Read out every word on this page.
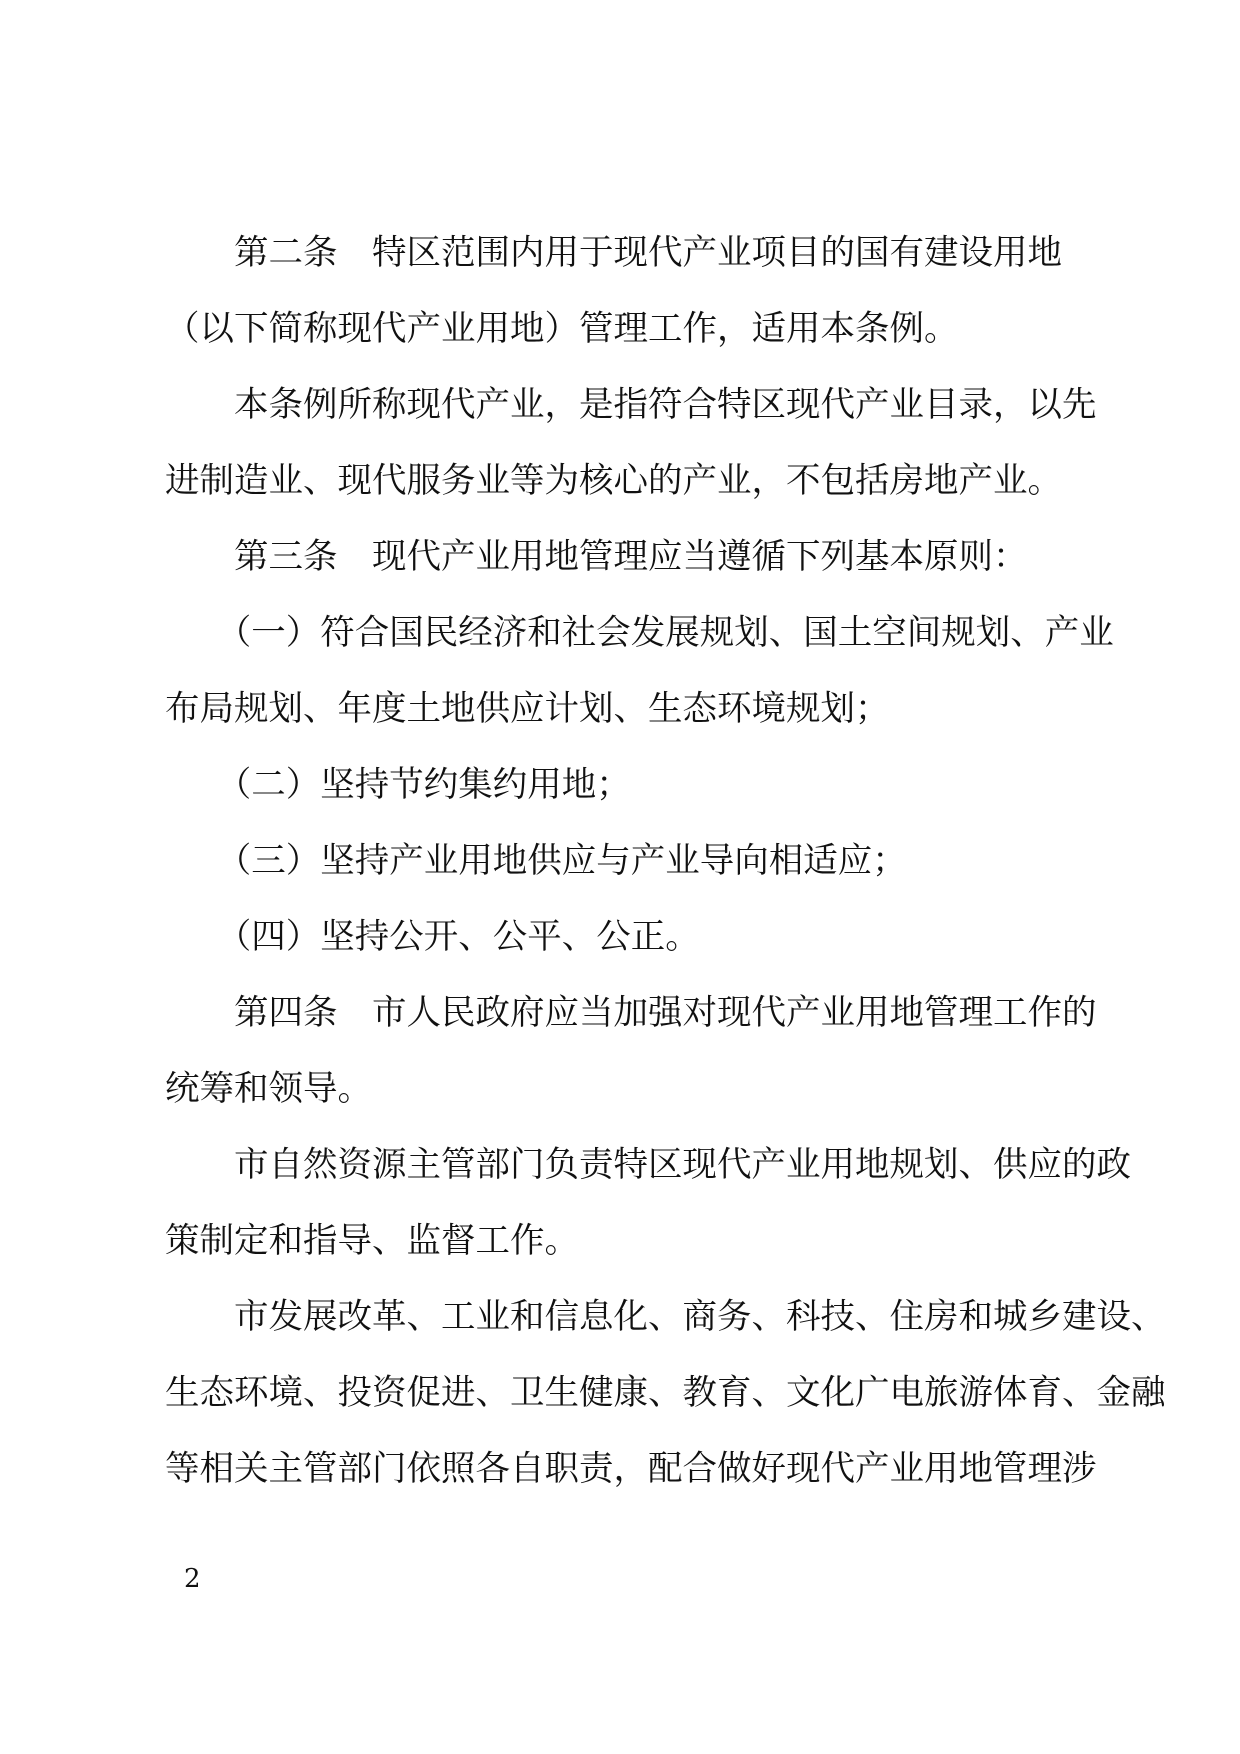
　　第二条　特区范围内用于现代产业项目的国有建设用地
（以下简称现代产业用地）管理工作，适用本条例。
　　本条例所称现代产业，是指符合特区现代产业目录，以先
进制造业、现代服务业等为核心的产业，不包括房地产业。
　　第三条　现代产业用地管理应当遵循下列基本原则：
　　（一）符合国民经济和社会发展规划、国土空间规划、产业
布局规划、年度土地供应计划、生态环境规划；
　　（二）坚持节约集约用地；
　　（三）坚持产业用地供应与产业导向相适应；
　　（四）坚持公开、公平、公正。
　　第四条　市人民政府应当加强对现代产业用地管理工作的
统筹和领导。
　　市自然资源主管部门负责特区现代产业用地规划、供应的政
策制定和指导、监督工作。
　　市发展改革、工业和信息化、商务、科技、住房和城乡建设、
生态环境、投资促进、卫生健康、教育、文化广电旅游体育、金融
等相关主管部门依照各自职责，配合做好现代产业用地管理涉
2
